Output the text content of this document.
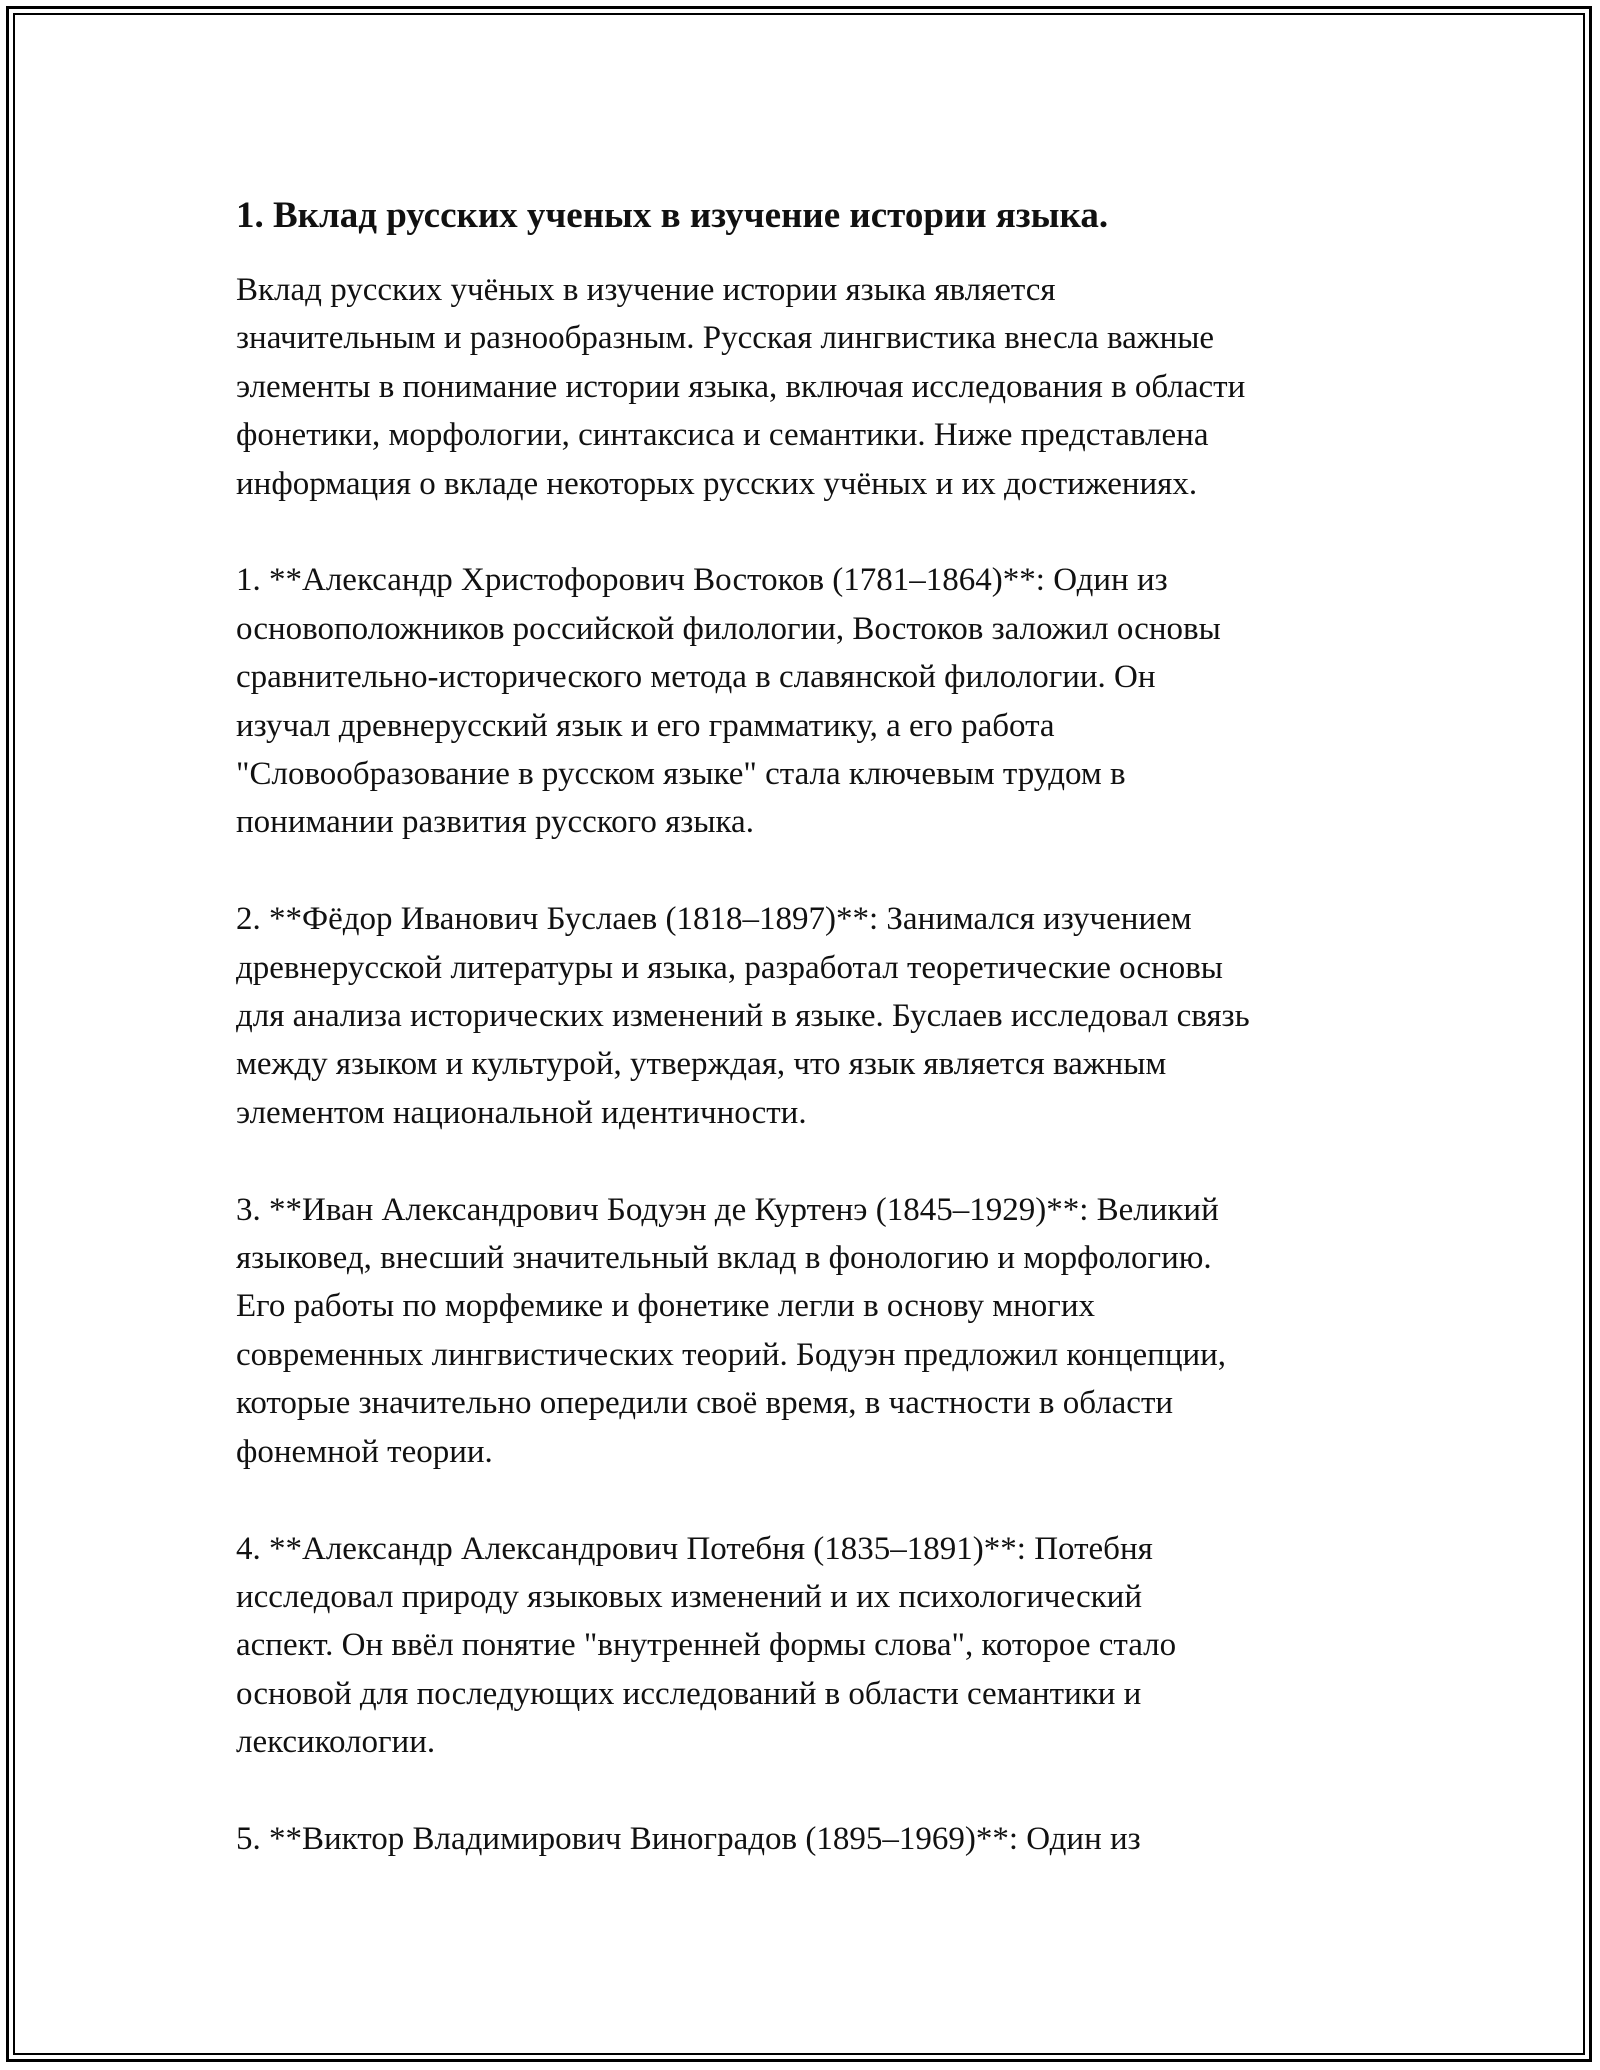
1. Вклад русских ученых в изучение истории языка.

Вклад русских учёных в изучение истории языка является
значительным и разнообразным. Русская лингвистика внесла важные
элементы в понимание истории языка, включая исследования в области
фонетики, морфологии, синтаксиса и семантики. Ниже представлена
информация о вкладе некоторых русских учёных и их достижениях.

1. **Александр Христофорович Востоков (1781–1864)**: Один из
основоположников российской филологии, Востоков заложил основы
сравнительно-исторического метода в славянской филологии. Он
изучал древнерусский язык и его грамматику, а его работа
"Словообразование в русском языке" стала ключевым трудом в
понимании развития русского языка.

2. **Фёдор Иванович Буслаев (1818–1897)**: Занимался изучением
древнерусской литературы и языка, разработал теоретические основы
для анализа исторических изменений в языке. Буслаев исследовал связь
между языком и культурой, утверждая, что язык является важным
элементом национальной идентичности.

3. **Иван Александрович Бодуэн де Куртенэ (1845–1929)**: Великий
языковед, внесший значительный вклад в фонологию и морфологию.
Его работы по морфемике и фонетике легли в основу многих
современных лингвистических теорий. Бодуэн предложил концепции,
которые значительно опередили своё время, в частности в области
фонемной теории.

4. **Александр Александрович Потебня (1835–1891)**: Потебня
исследовал природу языковых изменений и их психологический
аспект. Он ввёл понятие "внутренней формы слова", которое стало
основой для последующих исследований в области семантики и
лексикологии.

5. **Виктор Владимирович Виноградов (1895–1969)**: Один из
